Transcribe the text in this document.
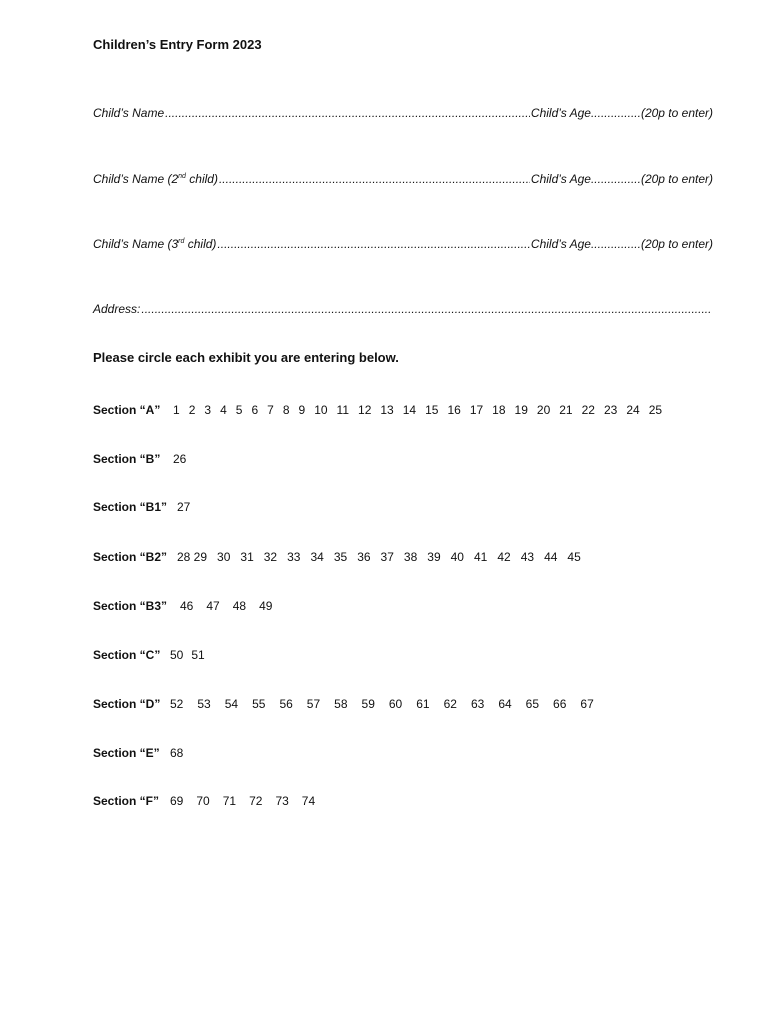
Children’s Entry Form 2023
Child’s Name .....	Child’s Age .....	(20p to enter)
Child’s Name (2nd child) .....	Child’s Age .....	(20p to enter)
Child’s Name (3rd child) .....	Child’s Age .....	(20p to enter)
Address:
.....
Please circle each exhibit you are entering below.
Section “A” 1 2 3 4 5 6 7 8 9 10 11 12 13 14 15 16 17 18 19 20 21 22 23 24 25
Section “B” 26
Section “B1” 27
Section “B2” 28 29 30 31 32 33 34 35 36 37 38 39 40 41 42 43 44 45
Section “B3” 46 47 48 49
Section “C” 50 51
Section “D” 52 53 54 55 56 57 58 59 60 61 62 63 64 65 66 67
Section “E” 68
Section “F” 69 70 71 72 73 74
